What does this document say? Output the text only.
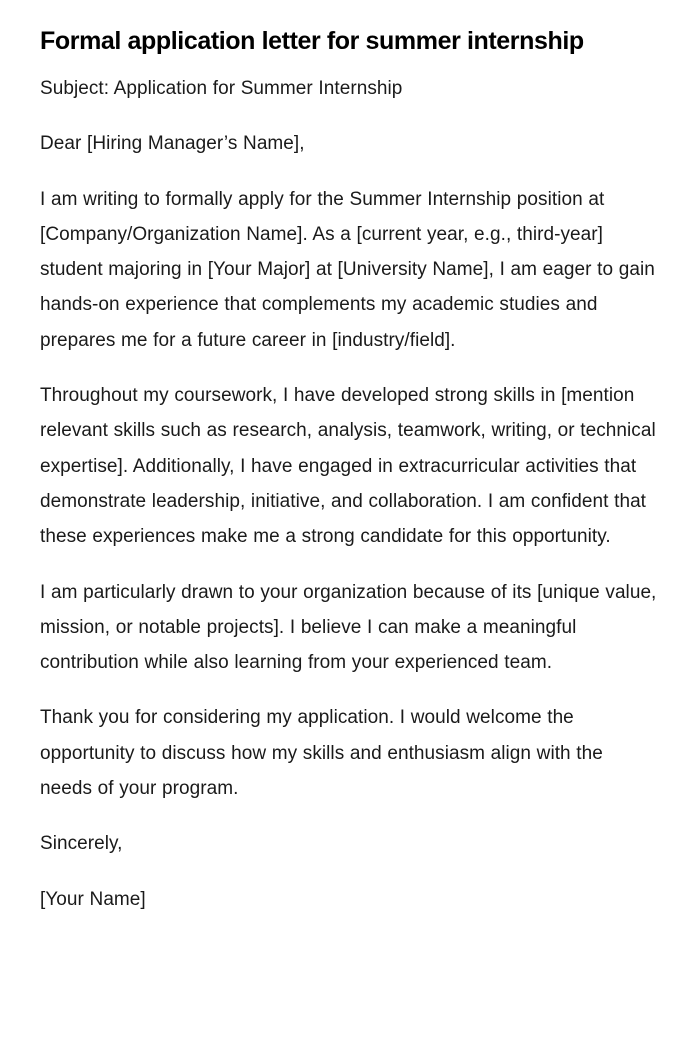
Formal application letter for summer internship

Subject: Application for Summer Internship

Dear [Hiring Manager’s Name],

I am writing to formally apply for the Summer Internship position at [Company/Organization Name]. As a [current year, e.g., third-year] student majoring in [Your Major] at [University Name], I am eager to gain hands-on experience that complements my academic studies and prepares me for a future career in [industry/field].

Throughout my coursework, I have developed strong skills in [mention relevant skills such as research, analysis, teamwork, writing, or technical expertise]. Additionally, I have engaged in extracurricular activities that demonstrate leadership, initiative, and collaboration. I am confident that these experiences make me a strong candidate for this opportunity.

I am particularly drawn to your organization because of its [unique value, mission, or notable projects]. I believe I can make a meaningful contribution while also learning from your experienced team.

Thank you for considering my application. I would welcome the opportunity to discuss how my skills and enthusiasm align with the needs of your program.

Sincerely,

[Your Name]
